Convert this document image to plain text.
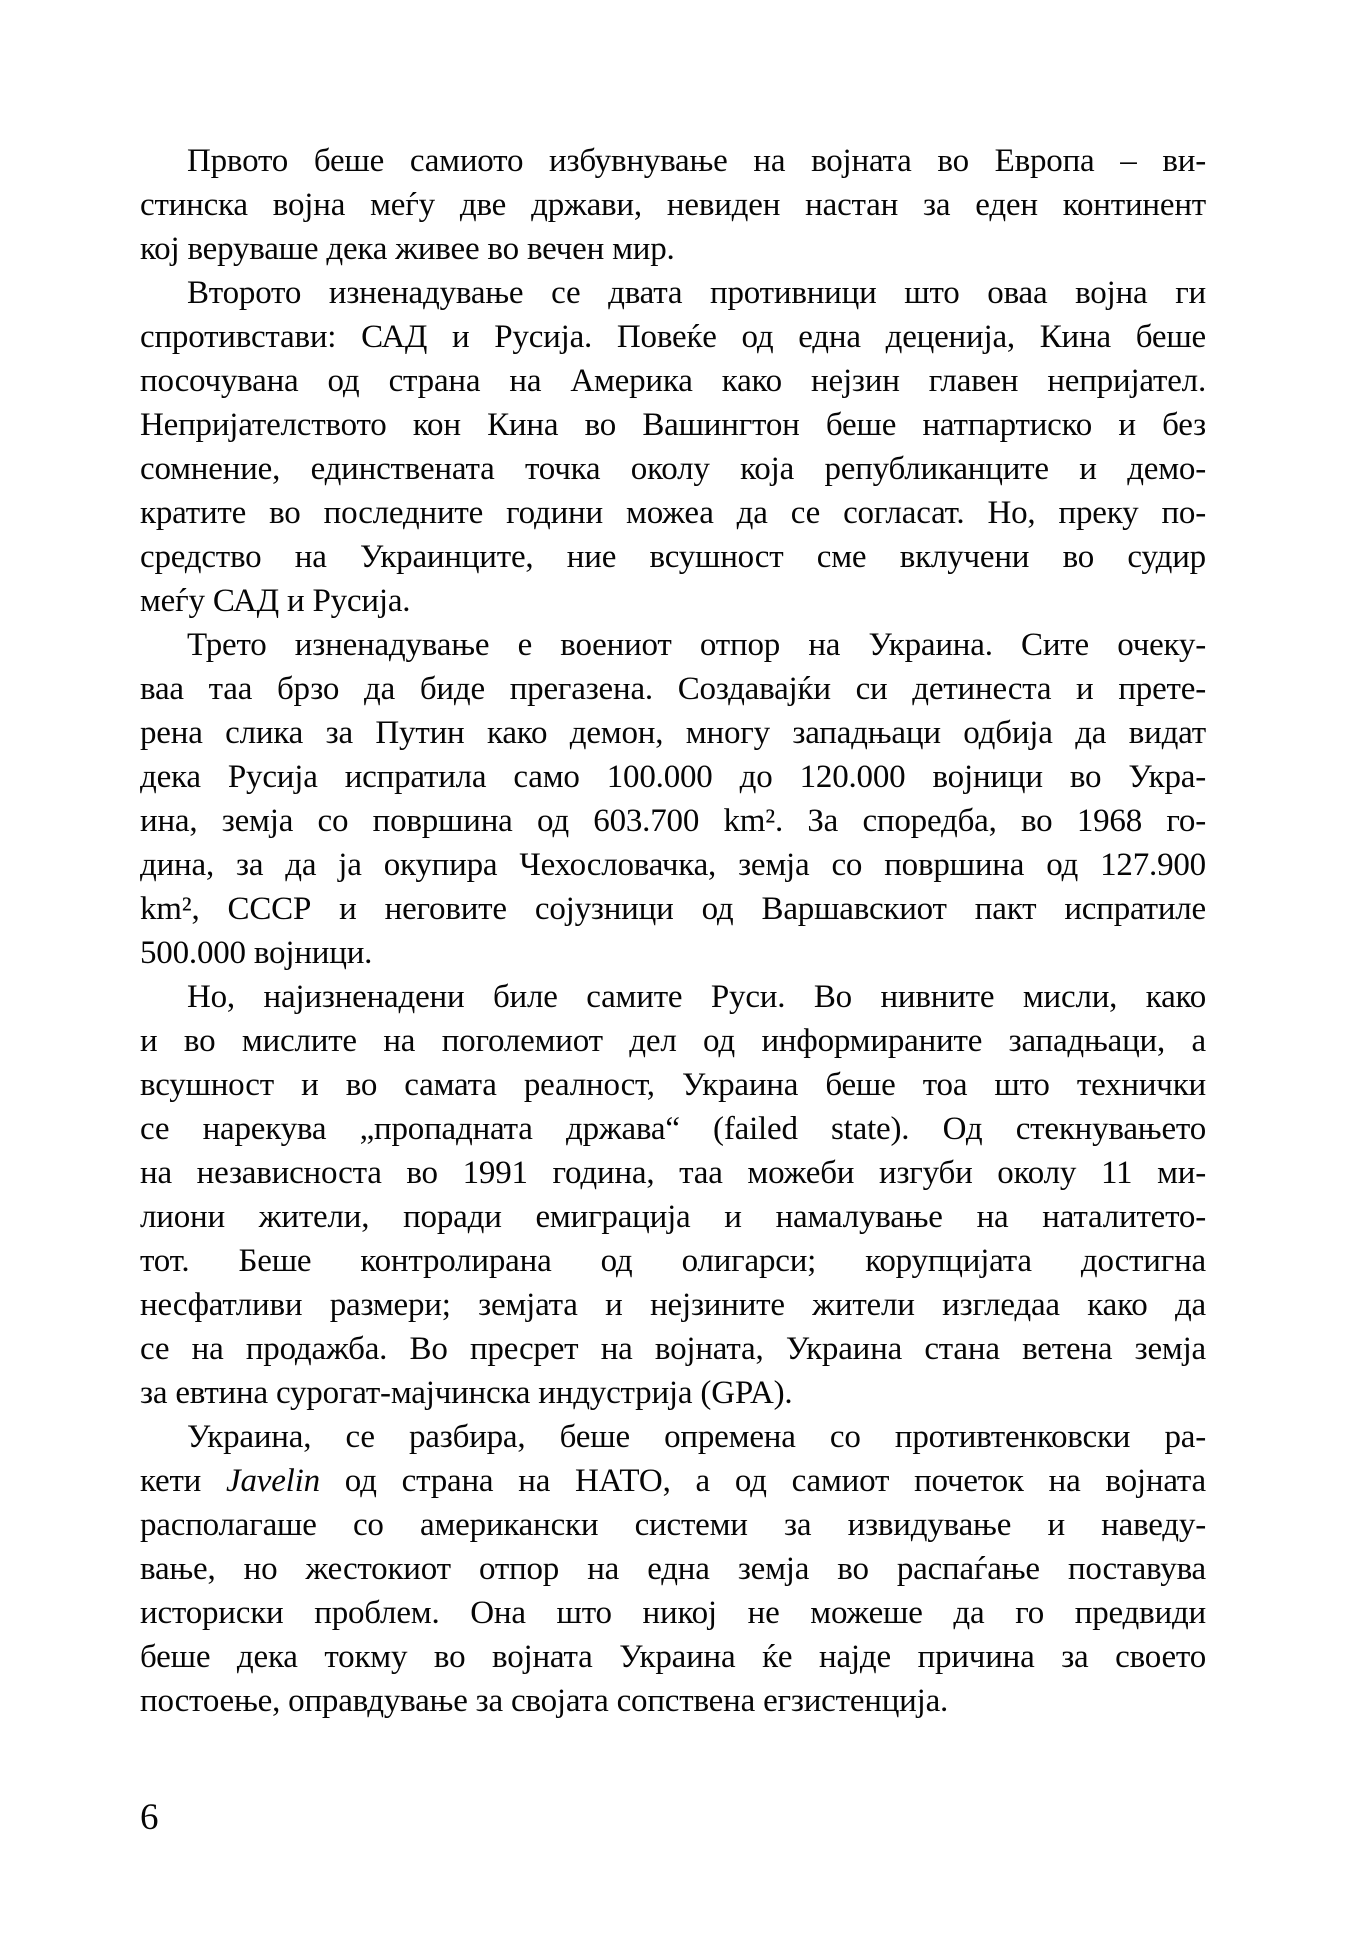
Првото беше самиото избувнување на војната во Европа – ви-
стинска војна меѓу две држави, невиден настан за еден континент
кој веруваше дека живее во вечен мир.
Второто изненадување се двата противници што оваа војна ги
спротивстави: САД и Русија. Повеќе од една деценија, Кина беше
посочувана од страна на Америка како нејзин главен непријател.
Непријателството кон Кина во Вашингтон беше натпартиско и без
сомнение, единствената точка околу која републиканците и демо-
кратите во последните години можеа да се согласат. Но, преку по-
средство на Украинците, ние всушност сме вклучени во судир
меѓу САД и Русија.
Трето изненадување е воениот отпор на Украина. Сите очеку-
ваа таа брзо да биде прегазена. Создавајќи си детинеста и прете-
рена слика за Путин како демон, многу западњаци одбија да видат
дека Русија испратила само 100.000 до 120.000 војници во Укра-
ина, земја со површина од 603.700 km². За споредба, во 1968 го-
дина, за да ја окупира Чехословачка, земја со површина од 127.900
km², СССР и неговите сојузници од Варшавскиот пакт испратиле
500.000 војници.
Но, најизненадени биле самите Руси. Во нивните мисли, како
и во мислите на поголемиот дел од информираните западњаци, а
всушност и во самата реалност, Украина беше тоа што технички
се нарекува „пропадната држава“ (failed state). Од стекнувањето
на независноста во 1991 година, таа можеби изгуби околу 11 ми-
лиони жители, поради емиграција и намалување на наталитето-
тот. Беше контролирана од олигарси; корупцијата достигна
несфатливи размери; земјата и нејзините жители изгледаа како да
се на продажба. Во пресрет на војната, Украина стана ветена земја
за евтина сурогат-мајчинска индустрија (GPA).
Украина, се разбира, беше опремена со противтенковски ра-
кети Javelin од страна на НАТО, а од самиот почеток на војната
располагаше со американски системи за извидување и наведу-
вање, но жестокиот отпор на една земја во распаѓање поставува
историски проблем. Она што никој не можеше да го предвиди
беше дека токму во војната Украина ќе најде причина за своето
постоење, оправдување за својата сопствена егзистенција.
6
